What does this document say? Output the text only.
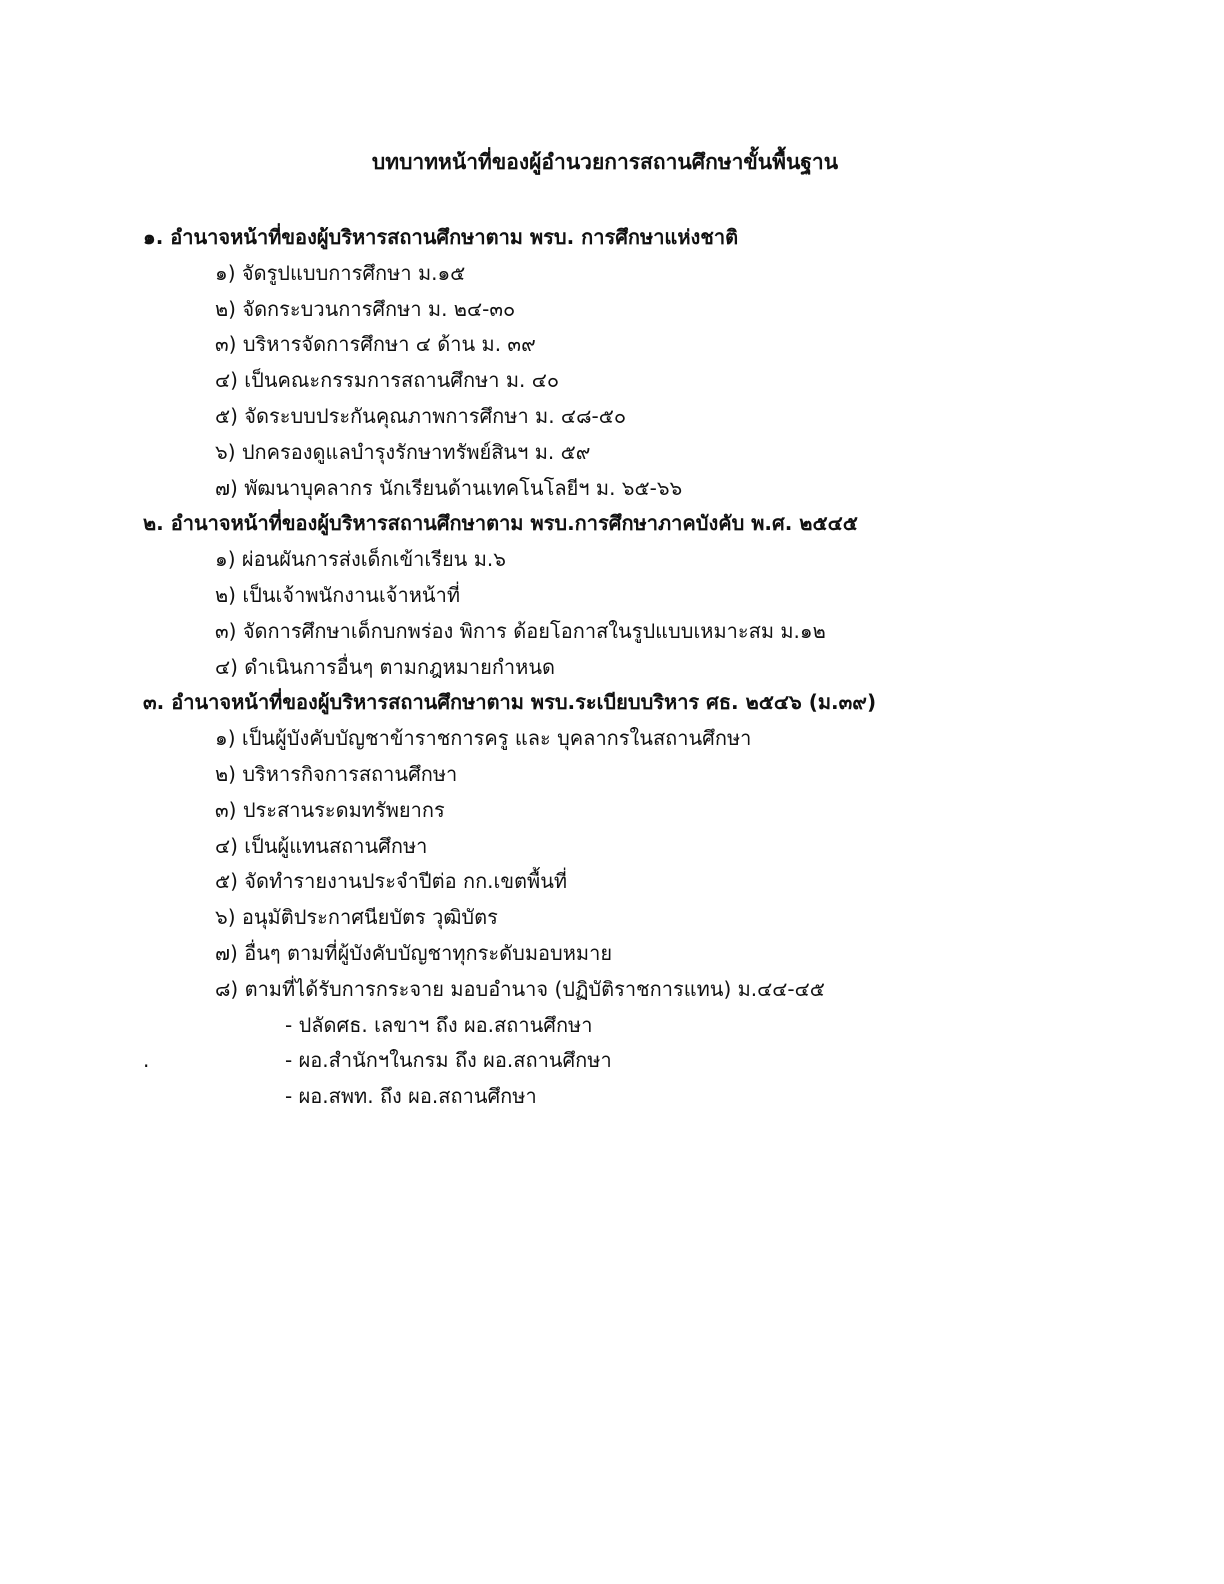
บทบาทหน้าที่ของผู้อำนวยการสถานศึกษาขั้นพื้นฐาน
๑. อำนาจหน้าที่ของผู้บริหารสถานศึกษาตาม พรบ. การศึกษาแห่งชาติ
๑) จัดรูปแบบการศึกษา ม.๑๕
๒) จัดกระบวนการศึกษา ม. ๒๔-๓๐
๓) บริหารจัดการศึกษา ๔ ด้าน ม. ๓๙
๔) เป็นคณะกรรมการสถานศึกษา ม. ๔๐
๕) จัดระบบประกันคุณภาพการศึกษา ม. ๔๘-๕๐
๖) ปกครองดูแลบำรุงรักษาทรัพย์สินฯ ม. ๕๙
๗) พัฒนาบุคลากร นักเรียนด้านเทคโนโลยีฯ ม. ๖๕-๖๖
๒. อำนาจหน้าที่ของผู้บริหารสถานศึกษาตาม พรบ.การศึกษาภาคบังคับ พ.ศ. ๒๕๔๕
๑) ผ่อนผันการส่งเด็กเข้าเรียน ม.๖
๒) เป็นเจ้าพนักงานเจ้าหน้าที่
๓) จัดการศึกษาเด็กบกพร่อง พิการ ด้อยโอกาสในรูปแบบเหมาะสม ม.๑๒
๔) ดำเนินการอื่นๆ ตามกฎหมายกำหนด
๓. อำนาจหน้าที่ของผู้บริหารสถานศึกษาตาม พรบ.ระเบียบบริหาร ศธ. ๒๕๔๖ (ม.๓๙)
๑) เป็นผู้บังคับบัญชาข้าราชการครู และ บุคลากรในสถานศึกษา
๒) บริหารกิจการสถานศึกษา
๓) ประสานระดมทรัพยากร
๔) เป็นผู้แทนสถานศึกษา
๕) จัดทำรายงานประจำปีต่อ กก.เขตพื้นที่
๖) อนุมัติประกาศนียบัตร วุฒิบัตร
๗) อื่นๆ ตามที่ผู้บังคับบัญชาทุกระดับมอบหมาย
๘) ตามที่ได้รับการกระจาย มอบอำนาจ (ปฏิบัติราชการแทน) ม.๔๔-๔๕
- ปลัดศธ. เลขาฯ ถึง ผอ.สถานศึกษา
.	- ผอ.สำนักฯในกรม ถึง ผอ.สถานศึกษา
- ผอ.สพท. ถึง ผอ.สถานศึกษา
